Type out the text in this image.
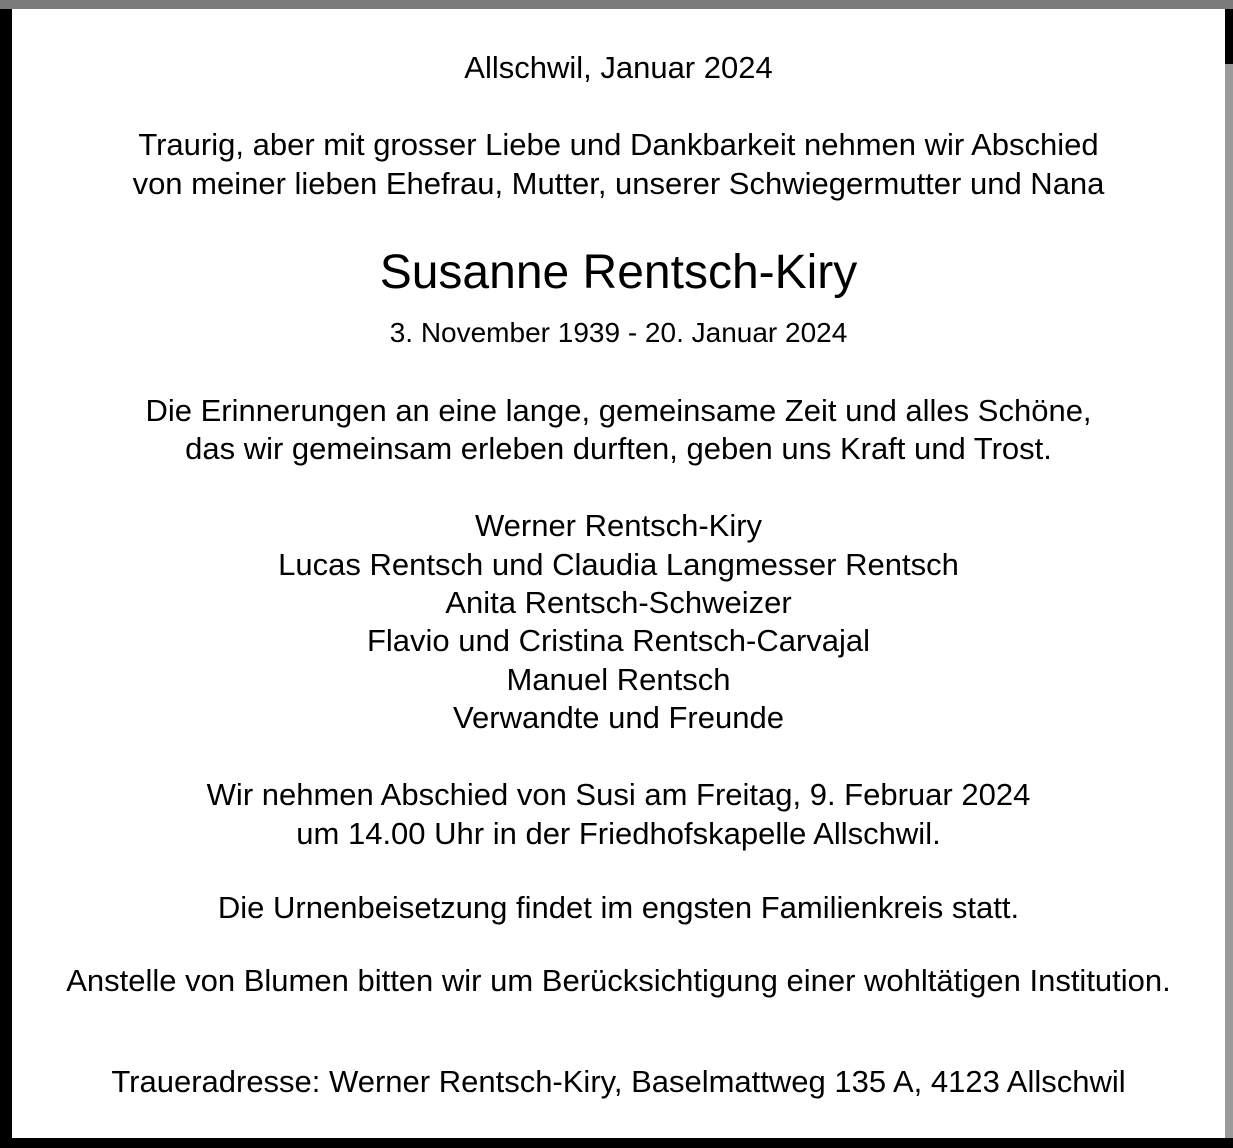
Allschwil, Januar 2024
Traurig, aber mit grosser Liebe und Dankbarkeit nehmen wir Abschied
von meiner lieben Ehefrau, Mutter, unserer Schwiegermutter und Nana
Susanne Rentsch-Kiry
3. November 1939 - 20. Januar 2024
Die Erinnerungen an eine lange, gemeinsame Zeit und alles Schöne,
das wir gemeinsam erleben durften, geben uns Kraft und Trost.
Werner Rentsch-Kiry
Lucas Rentsch und Claudia Langmesser Rentsch
Anita Rentsch-Schweizer
Flavio und Cristina Rentsch-Carvajal
Manuel Rentsch
Verwandte und Freunde
Wir nehmen Abschied von Susi am Freitag, 9. Februar 2024
um 14.00 Uhr in der Friedhofskapelle Allschwil.
Die Urnenbeisetzung findet im engsten Familienkreis statt.
Anstelle von Blumen bitten wir um Berücksichtigung einer wohltätigen Institution.
Traueradresse: Werner Rentsch-Kiry, Baselmattweg 135 A, 4123 Allschwil
